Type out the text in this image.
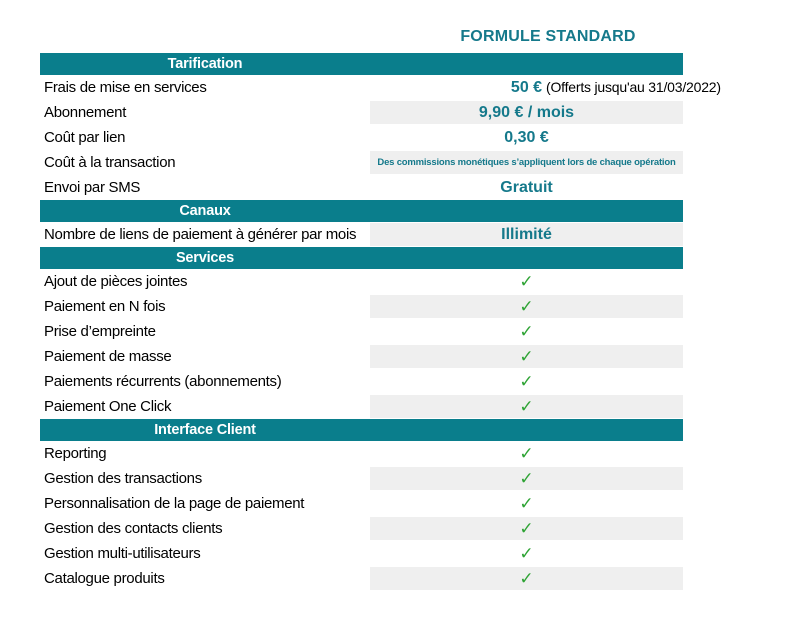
FORMULE STANDARD
Tarification
Frais de mise en services	50 € (Offerts jusqu'au 31/03/2022)
Abonnement	9,90 € / mois
Coût par lien	0,30 €
Coût à la transaction	Des commissions monétiques s’appliquent lors de chaque opération
Envoi par SMS	Gratuit
Canaux
Nombre de liens de paiement à générer par mois	Illimité
Services
Ajout de pièces jointes	✓
Paiement en N fois	✓
Prise d’empreinte	✓
Paiement de masse	✓
Paiements récurrents (abonnements)	✓
Paiement One Click	✓
Interface Client
Reporting	✓
Gestion des transactions	✓
Personnalisation de la page de paiement	✓
Gestion des contacts clients	✓
Gestion multi-utilisateurs	✓
Catalogue produits	✓
